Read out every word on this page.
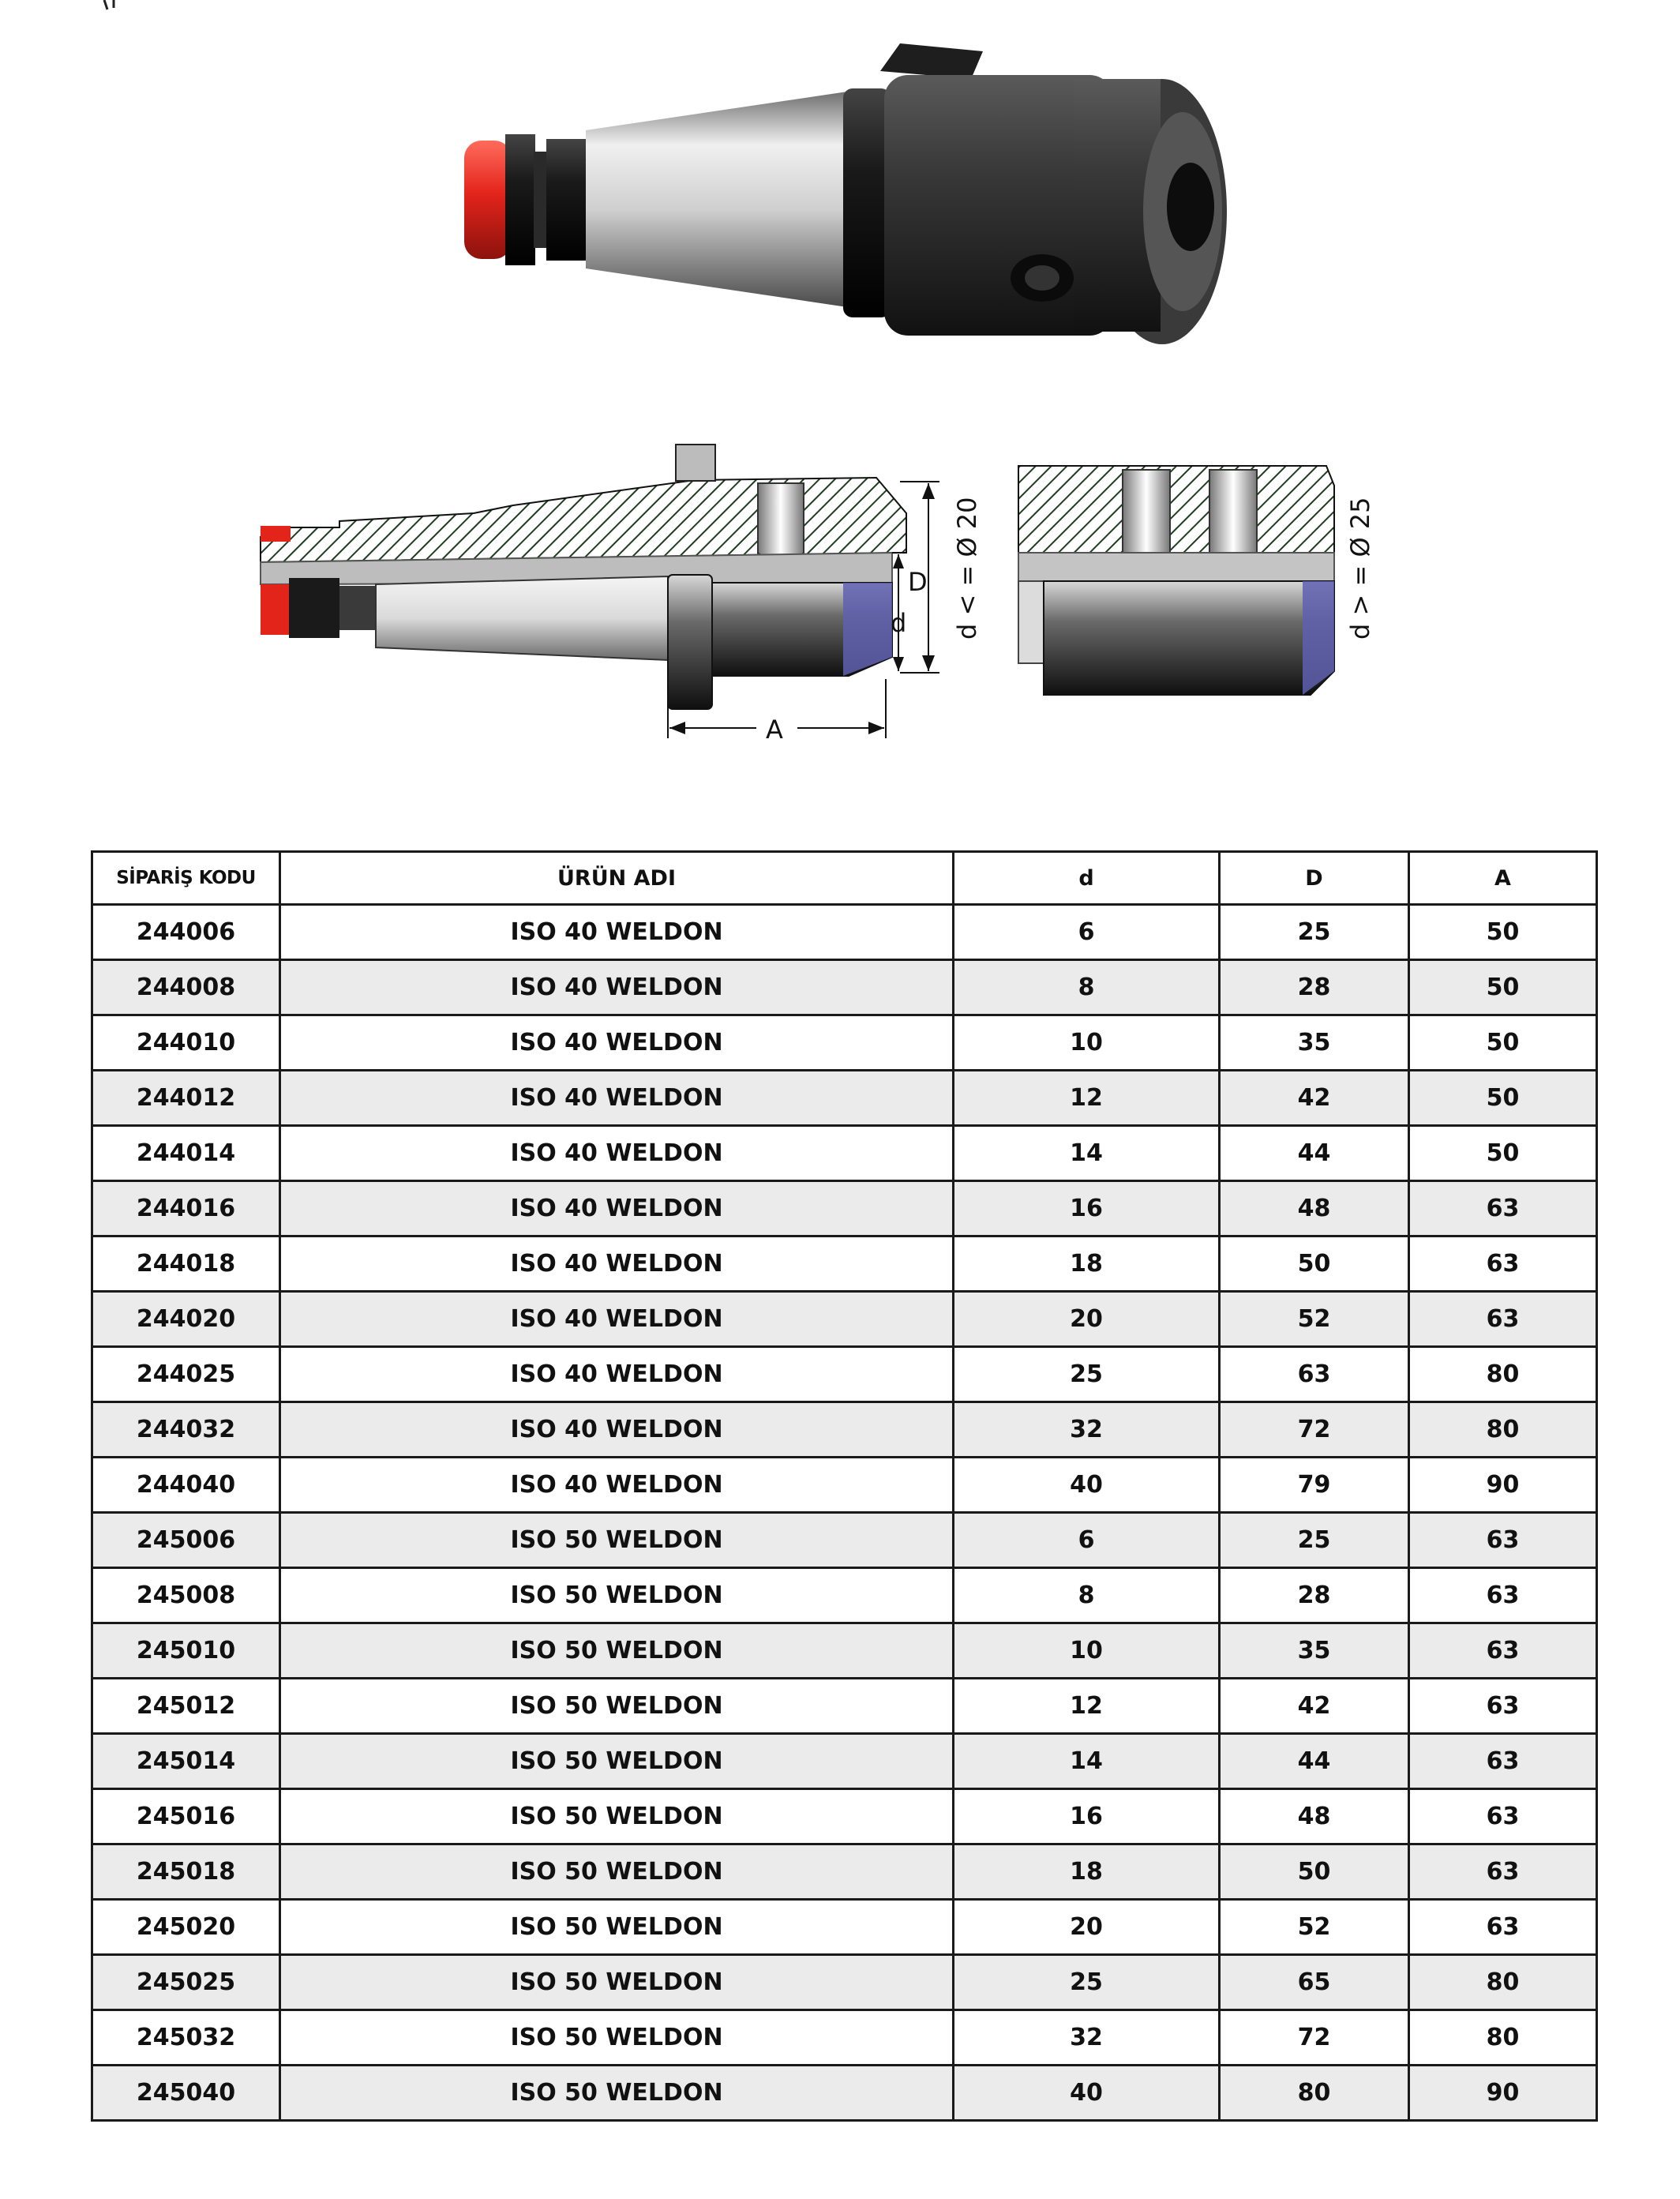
D
d
A
d < = Ø 20	d > = Ø 25
SİPARİŞ KODU	ÜRÜN ADI	d	D	A
244006	ISO 40 WELDON	6	25	50
244008	ISO 40 WELDON	8	28	50
244010	ISO 40 WELDON	10	35	50
244012	ISO 40 WELDON	12	42	50
244014	ISO 40 WELDON	14	44	50
244016	ISO 40 WELDON	16	48	63
244018	ISO 40 WELDON	18	50	63
244020	ISO 40 WELDON	20	52	63
244025	ISO 40 WELDON	25	63	80
244032	ISO 40 WELDON	32	72	80
244040	ISO 40 WELDON	40	79	90
245006	ISO 50 WELDON	6	25	63
245008	ISO 50 WELDON	8	28	63
245010	ISO 50 WELDON	10	35	63
245012	ISO 50 WELDON	12	42	63
245014	ISO 50 WELDON	14	44	63
245016	ISO 50 WELDON	16	48	63
245018	ISO 50 WELDON	18	50	63
245020	ISO 50 WELDON	20	52	63
245025	ISO 50 WELDON	25	65	80
245032	ISO 50 WELDON	32	72	80
245040	ISO 50 WELDON	40	80	90
